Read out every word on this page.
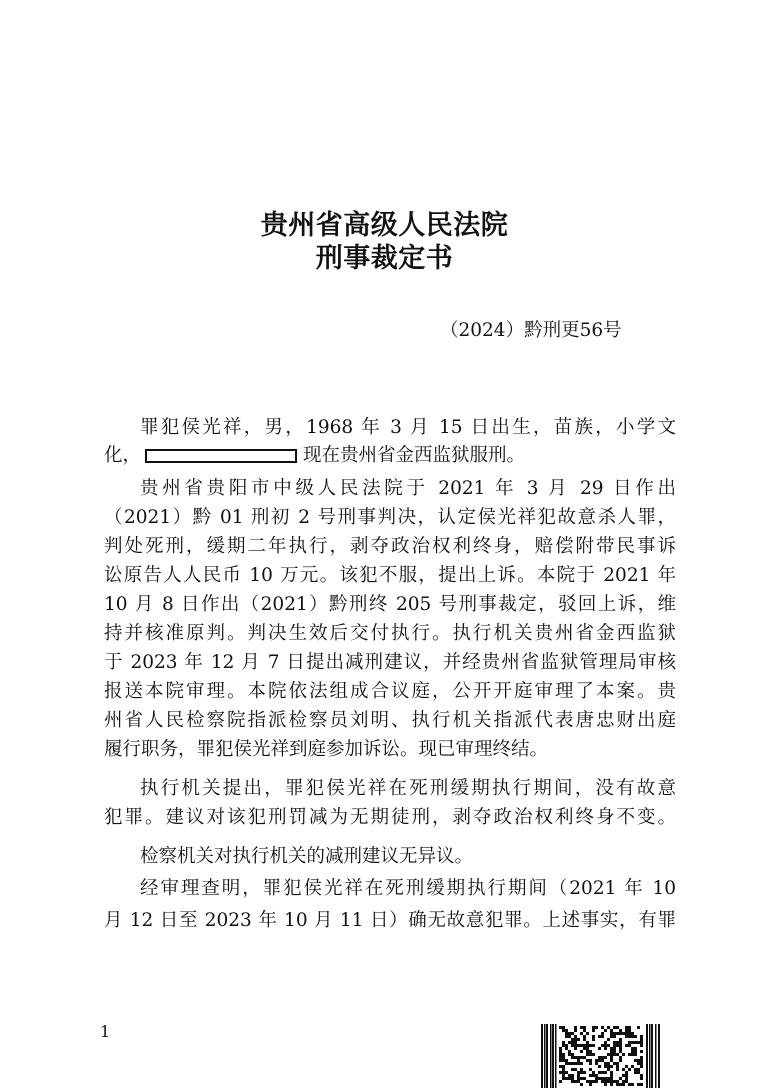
贵州省高级人民法院
刑事裁定书
（2024）黔刑更56号
罪犯侯光祥，男，1968 年 3 月 15 日出生，苗族，小学文
化，	现在贵州省金西监狱服刑。
贵州省贵阳市中级人民法院于 2021 年 3 月 29 日作出
（2021）黔 01 刑初 2 号刑事判决，认定侯光祥犯故意杀人罪，
判处死刑，缓期二年执行，剥夺政治权利终身，赔偿附带民事诉
讼原告人人民币 10 万元。该犯不服，提出上诉。本院于 2021 年
10 月 8 日作出（2021）黔刑终 205 号刑事裁定，驳回上诉，维
持并核准原判。判决生效后交付执行。执行机关贵州省金西监狱
于 2023 年 12 月 7 日提出减刑建议，并经贵州省监狱管理局审核
报送本院审理。本院依法组成合议庭，公开开庭审理了本案。贵
州省人民检察院指派检察员刘明、执行机关指派代表唐忠财出庭
履行职务，罪犯侯光祥到庭参加诉讼。现已审理终结。
执行机关提出，罪犯侯光祥在死刑缓期执行期间，没有故意
犯罪。建议对该犯刑罚减为无期徒刑，剥夺政治权利终身不变。
检察机关对执行机关的减刑建议无异议。
经审理查明，罪犯侯光祥在死刑缓期执行期间（2021 年 10
月 12 日至 2023 年 10 月 11 日）确无故意犯罪。上述事实，有罪
1
